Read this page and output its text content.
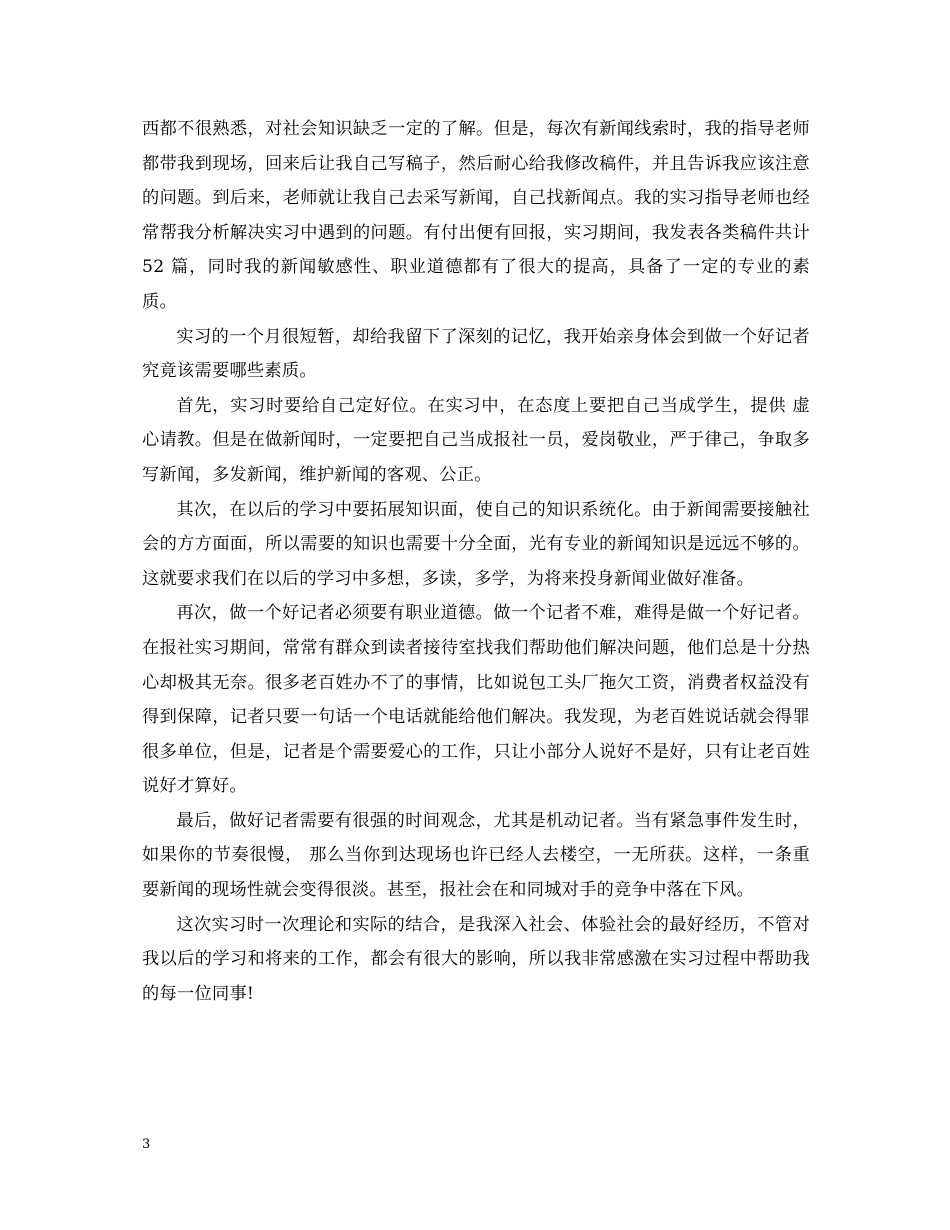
西都不很熟悉，对社会知识缺乏一定的了解。但是，每次有新闻线索时，我的指导老师都带我到现场，回来后让我自己写稿子，然后耐心给我修改稿件，并且告诉我应该注意的问题。到后来，老师就让我自己去采写新闻，自己找新闻点。我的实习指导老师也经常帮我分析解决实习中遇到的问题。有付出便有回报，实习期间，我发表各类稿件共计 52 篇，同时我的新闻敏感性、职业道德都有了很大的提高，具备了一定的专业的素质。

实习的一个月很短暂，却给我留下了深刻的记忆，我开始亲身体会到做一个好记者究竟该需要哪些素质。

首先，实习时要给自己定好位。在实习中，在态度上要把自己当成学生，提供 虚心请教。但是在做新闻时，一定要把自己当成报社一员，爱岗敬业，严于律己，争取多写新闻，多发新闻，维护新闻的客观、公正。

其次，在以后的学习中要拓展知识面，使自己的知识系统化。由于新闻需要接触社会的方方面面，所以需要的知识也需要十分全面，光有专业的新闻知识是远远不够的。这就要求我们在以后的学习中多想，多读，多学，为将来投身新闻业做好准备。

再次，做一个好记者必须要有职业道德。做一个记者不难，难得是做一个好记者。在报社实习期间，常常有群众到读者接待室找我们帮助他们解决问题，他们总是十分热心却极其无奈。很多老百姓办不了的事情，比如说包工头厂拖欠工资，消费者权益没有得到保障，记者只要一句话一个电话就能给他们解决。我发现，为老百姓说话就会得罪很多单位，但是，记者是个需要爱心的工作，只让小部分人说好不是好，只有让老百姓说好才算好。

最后，做好记者需要有很强的时间观念，尤其是机动记者。当有紧急事件发生时，如果你的节奏很慢， 那么当你到达现场也许已经人去楼空，一无所获。这样，一条重要新闻的现场性就会变得很淡。甚至，报社会在和同城对手的竞争中落在下风。

这次实习时一次理论和实际的结合，是我深入社会、体验社会的最好经历，不管对我以后的学习和将来的工作，都会有很大的影响，所以我非常感激在实习过程中帮助我的每一位同事!

3
